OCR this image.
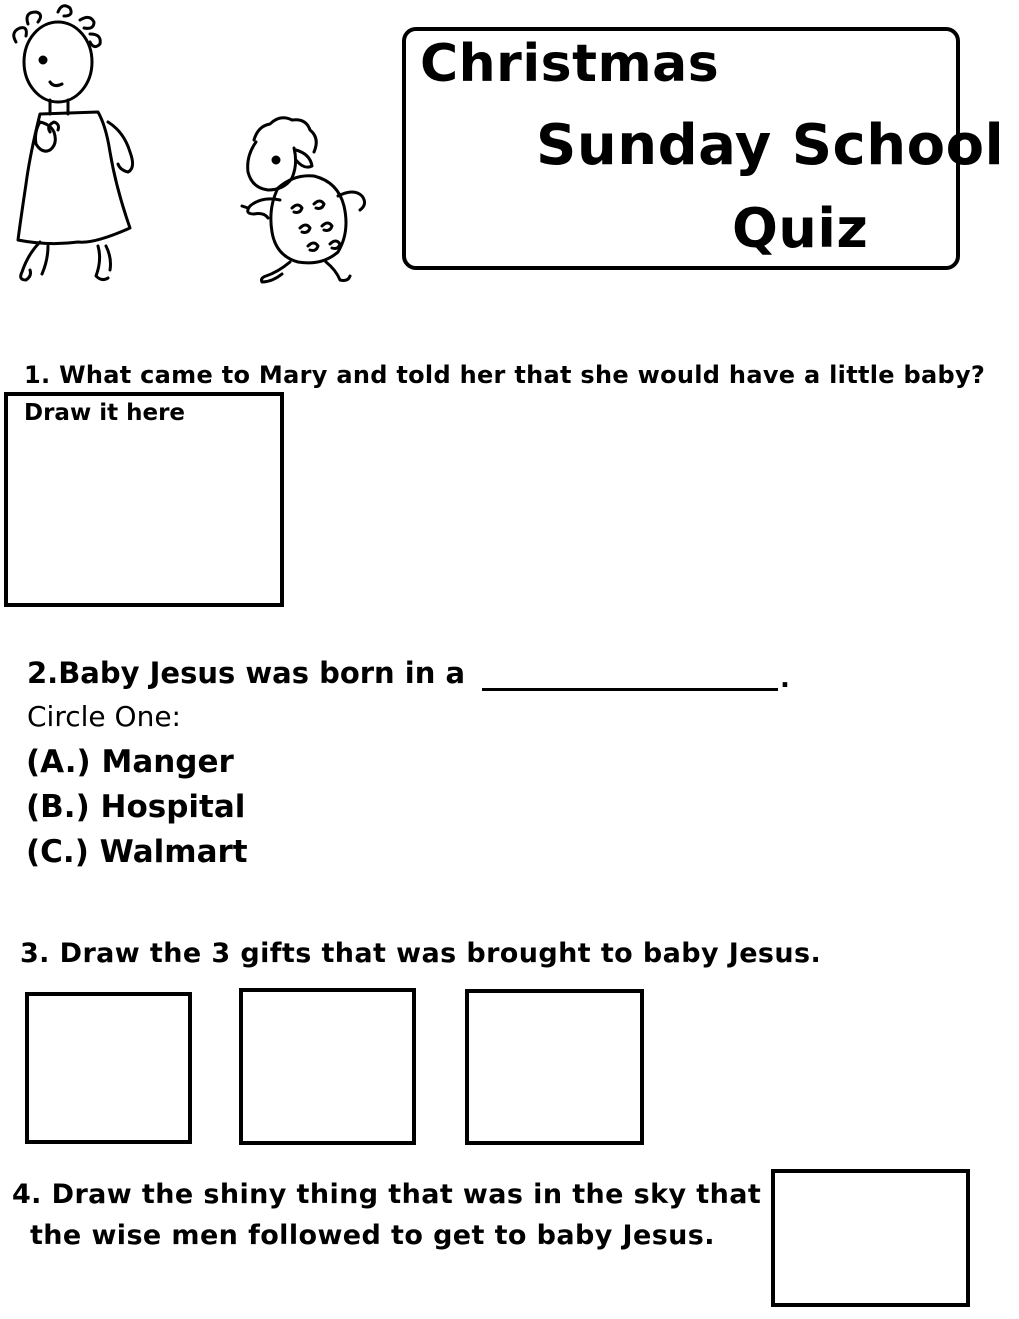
Christmas
Sunday School
Quiz
1. What came to Mary and told her that she would have a little baby?
Draw it here
2.Baby Jesus was born in a	.
Circle One:
(A.) Manger
(B.) Hospital
(C.) Walmart
3. Draw the 3 gifts that was brought to baby Jesus.
4. Draw the shiny thing that was in the sky that
the wise men followed to get to baby Jesus.
